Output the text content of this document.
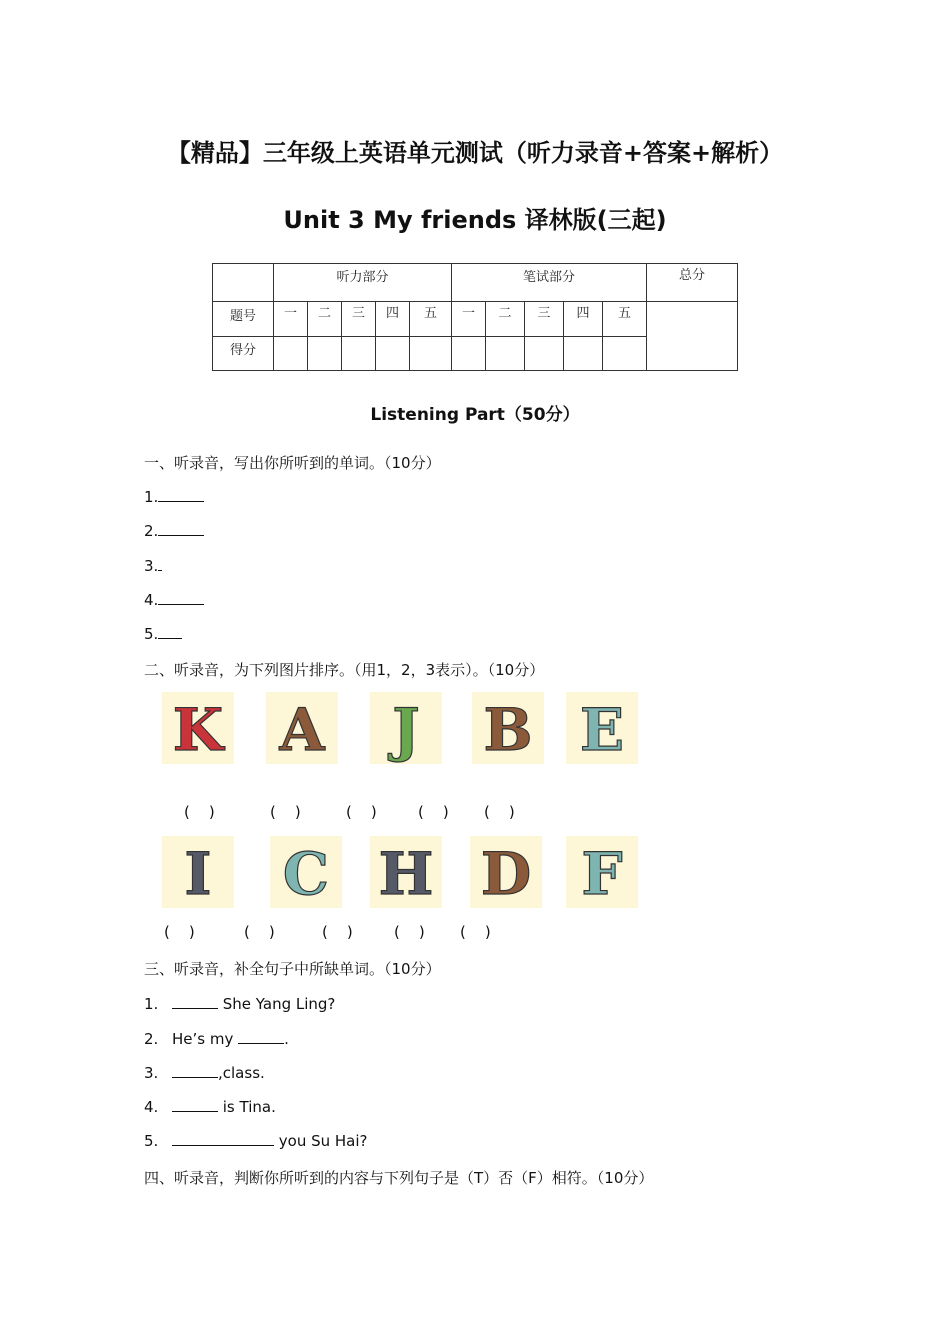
【精品】三年级上英语单元测试（听力录音+答案+解析）
Unit 3 My friends 译林版(三起)
	听力部分					笔试部分					总分
题号	一	二	三	四	五	一	二	三	四	五	
得分											
Listening Part（50分）
一、听录音，写出你所听到的单词。（10分）
1.
2.
3.
4.
5.
二、听录音，为下列图片排序。（用1，2，3表示）。（10分）
K A J B E
(    )	(    )	(    )	(    ) (    )
I C H D F
(    )	(    )	(    )	(    ) (    )
三、听录音，补全句子中所缺单词。（10分）
1.	She Yang Ling?
2. He’s my	.
3.	,class.
4.	is Tina.
5.	you Su Hai?
四、听录音，判断你所听到的内容与下列句子是（T）否（F）相符。（10分）
